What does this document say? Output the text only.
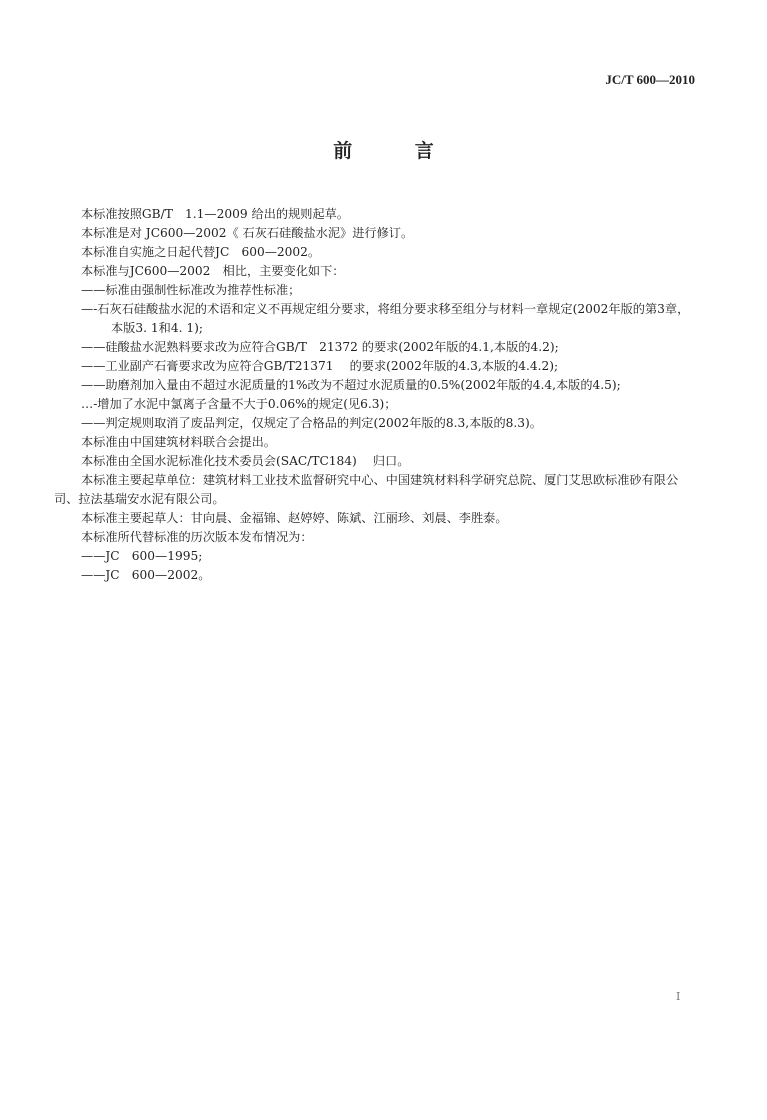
JC/T 600—2010
前 言

本标准按照GB/T　1.1—2009 给出的规则起草。

本标准是对 JC600—2002《 石灰石硅酸盐水泥》进行修订。

本标准自实施之日起代替JC　600—2002。

本标准与JC600—2002　相比，主要变化如下：

——标准由强制性标准改为推荐性标准；

—-石灰石硅酸盐水泥的术语和定义不再规定组分要求，将组分要求移至组分与材料一章规定(2002年版的第3章，本版3. 1和4. 1);

——硅酸盐水泥熟料要求改为应符合GB/T　21372 的要求(2002年版的4.1,本版的4.2);

——工业副产石膏要求改为应符合GB/T21371　 的要求(2002年版的4.3,本版的4.4.2);

——助磨剂加入量由不超过水泥质量的1%改为不超过水泥质量的0.5%(2002年版的4.4,本版的4.5);

…-增加了水泥中氯离子含量不大于0.06%的规定(见6.3)；

——判定规则取消了废品判定，仅规定了合格品的判定(2002年版的8.3,本版的8.3)。

本标准由中国建筑材料联合会提出。

本标准由全国水泥标准化技术委员会(SAC/TC184)　 归口。

本标准主要起草单位：建筑材料工业技术监督研究中心、中国建筑材料科学研究总院、厦门艾思欧标准砂有限公司、拉法基瑞安水泥有限公司。

本标准主要起草人：甘向晨、金福锦、赵婷婷、陈斌、江丽珍、刘晨、李胜泰。

本标准所代替标准的历次版本发布情况为：

——JC　600—1995;

——JC　600—2002。

I
